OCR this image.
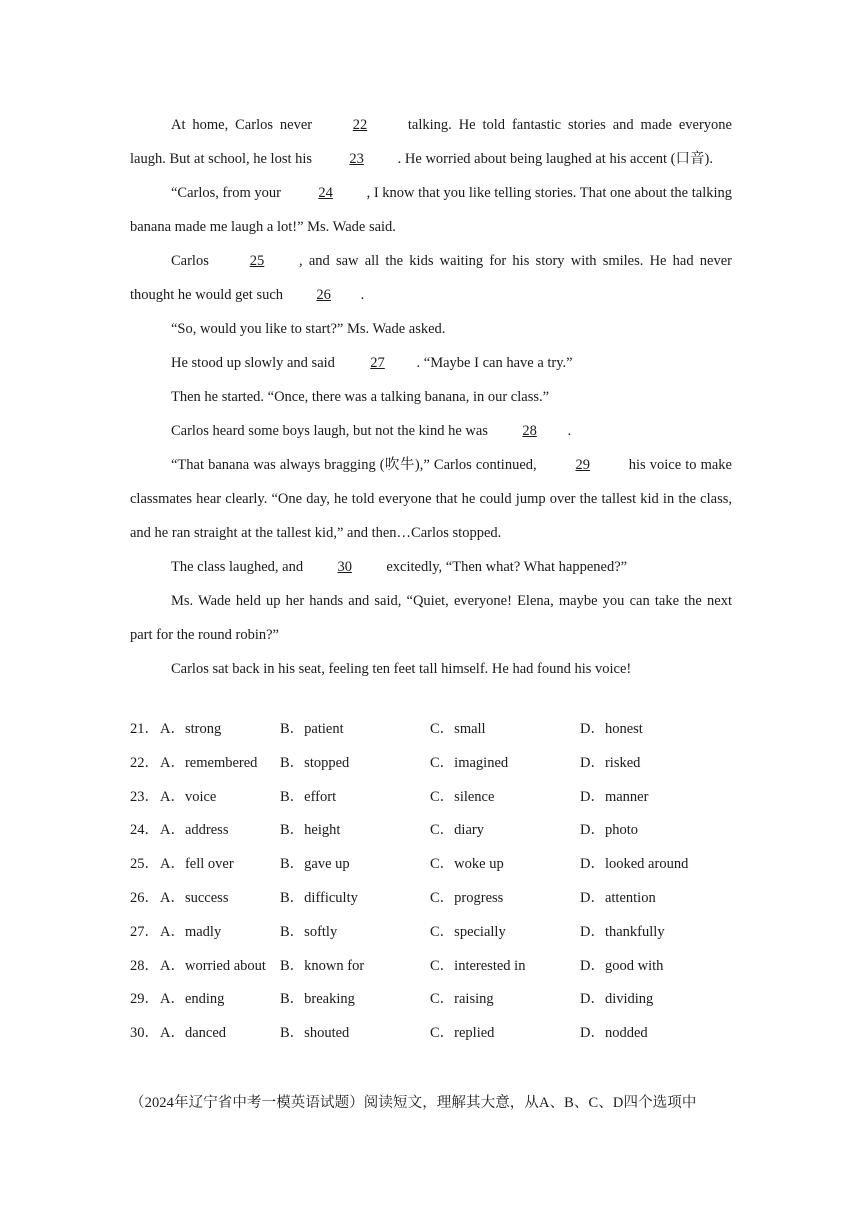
At home, Carlos never 22 talking. He told fantastic stories and made everyone laugh. But at school, he lost his 23 . He worried about being laughed at his accent (口音).

“Carlos, from your 24 , I know that you like telling stories. That one about the talking banana made me laugh a lot!” Ms. Wade said.

Carlos 25 , and saw all the kids waiting for his story with smiles. He had never thought he would get such 26 .

“So, would you like to start?” Ms. Wade asked.

He stood up slowly and said 27 . “Maybe I can have a try.”

Then he started. “Once, there was a talking banana, in our class.”

Carlos heard some boys laugh, but not the kind he was 28 .

“That banana was always bragging (吹牛),” Carlos continued, 29 his voice to make classmates hear clearly. “One day, he told everyone that he could jump over the tallest kid in the class, and he ran straight at the tallest kid,” and then…Carlos stopped.

The class laughed, and 30 excitedly, “Then what? What happened?”

Ms. Wade held up her hands and said, “Quiet, everyone! Elena, maybe you can take the next part for the round robin?”

Carlos sat back in his seat, feeling ten feet tall himself. He had found his voice!

21． A．strong	B．patient	C．small	D．honest
22． A．remembered B．stopped	C．imagined	D．risked
23． A．voice	B．effort	C．silence	D．manner
24． A．address	B．height	C．diary	D．photo
25． A．fell over	B．gave up	C．woke up	D．looked around
26． A．success	B．difficulty	C．progress	D．attention
27． A．madly	B．softly	C．specially	D．thankfully
28． A．worried about B．known for	C．interested in	D．good with
29． A．ending	B．breaking	C．raising	D．dividing
30． A．danced	B．shouted	C．replied	D．nodded
（2024年辽宁省中考一模英语试题）阅读短文，理解其大意，从A、B、C、D四个选项中
